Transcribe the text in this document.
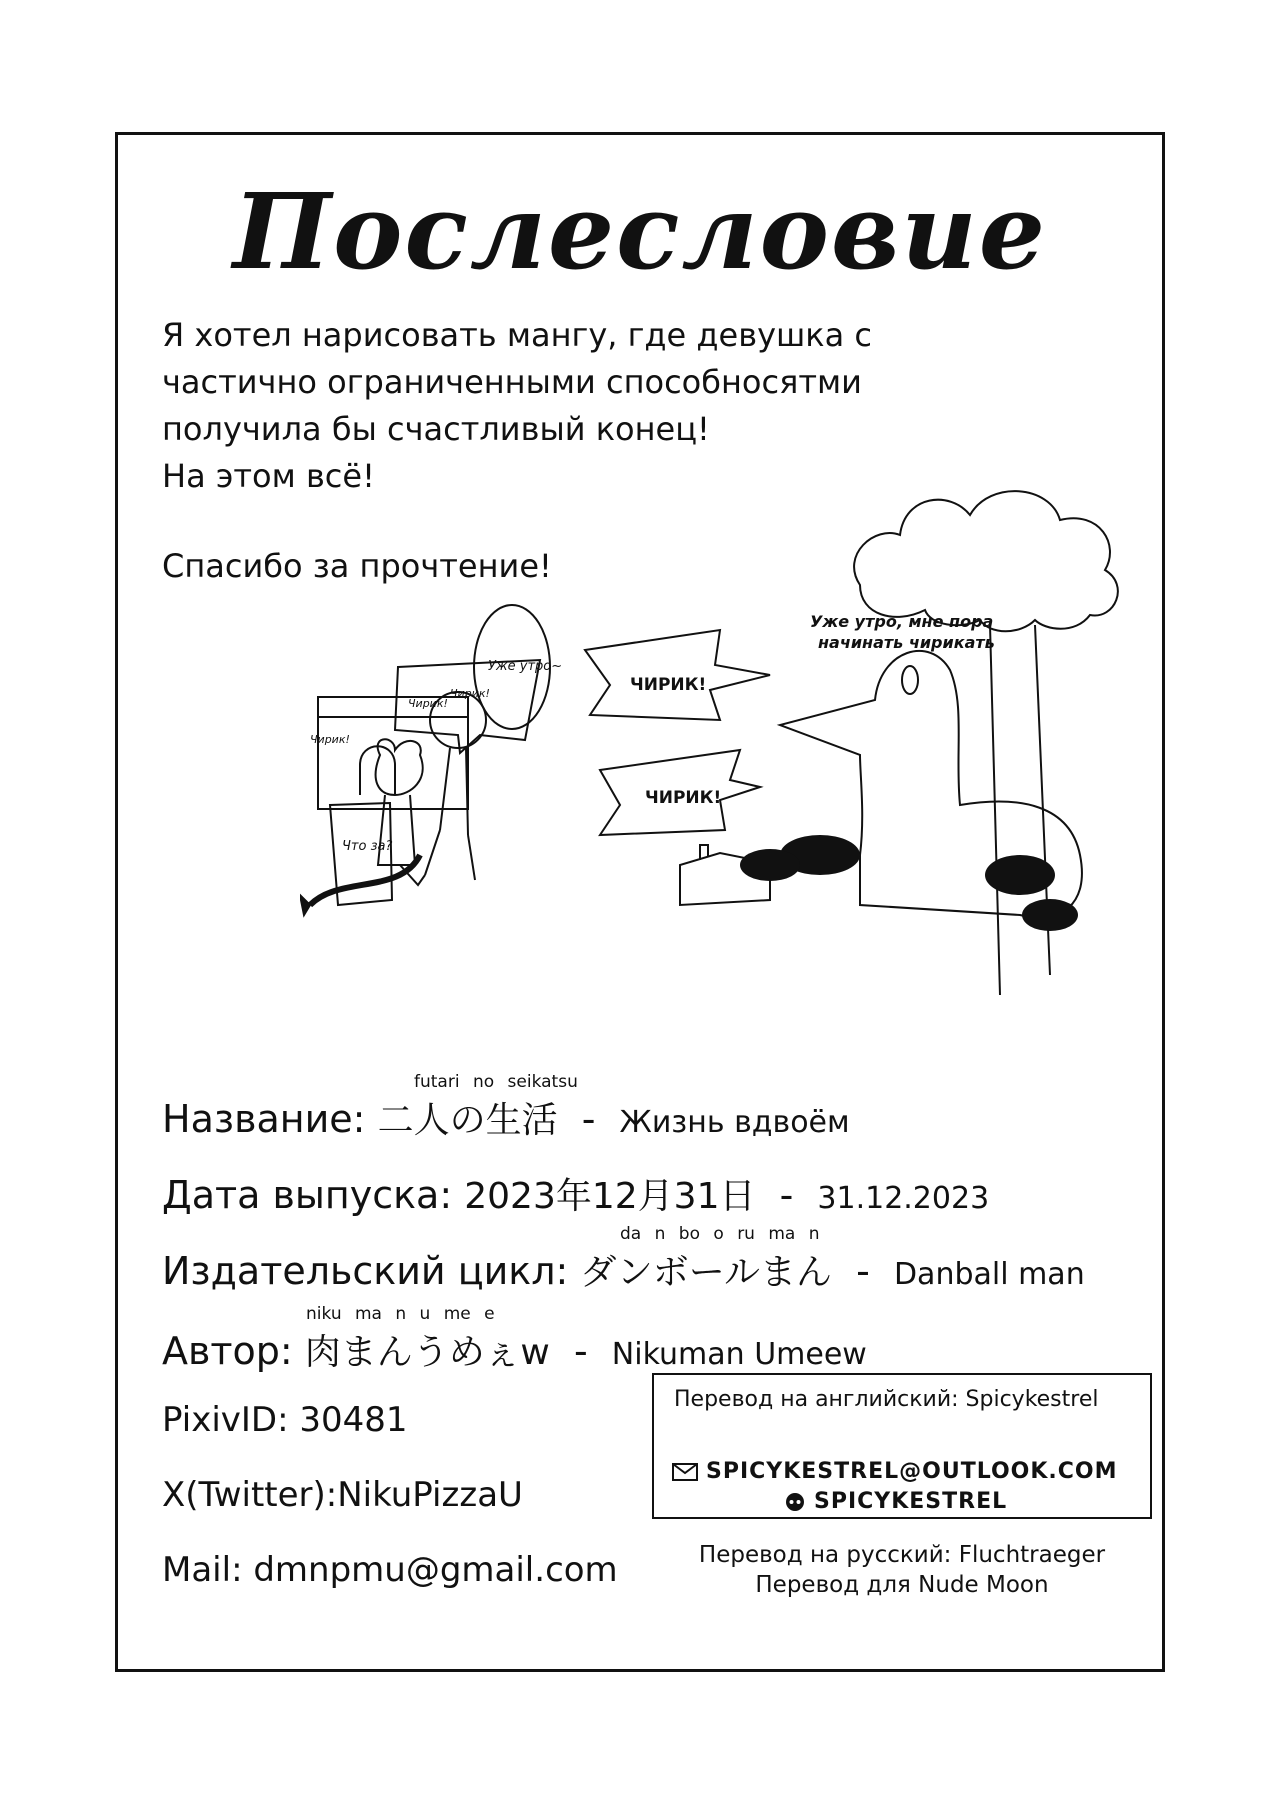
Послесловие
Я хотел нарисовать мангу, где девушка с
частично ограниченными способносятми
получила бы счастливый конец!
На этом всё!
Спасибо за прочтение!
Чирик!
Чирик!
Чирик!
Уже утро~
Что за?
Уже утро, мне пора
начинать чирикать
ЧИРИК!
ЧИРИК!
futari no seikatsu
Название: 二人の生活 - Жизнь вдвоём
Дата выпуска: 2023年12月31日 - 31.12.2023
da n bo o ru ma n
Издательский цикл: ダンボールまん - Danball man
niku ma n u me e
Автор: 肉まんうめぇw - Nikuman Umeew
PixivID: 30481
X(Twitter):NikuPizzaU
Mail: dmnpmu@gmail.com
Перевод на английский: Spicykestrel
SPICYKESTREL@OUTLOOK.COM
SPICYKESTREL
Перевод на русский: Fluchtraeger
Перевод для Nude Moon
